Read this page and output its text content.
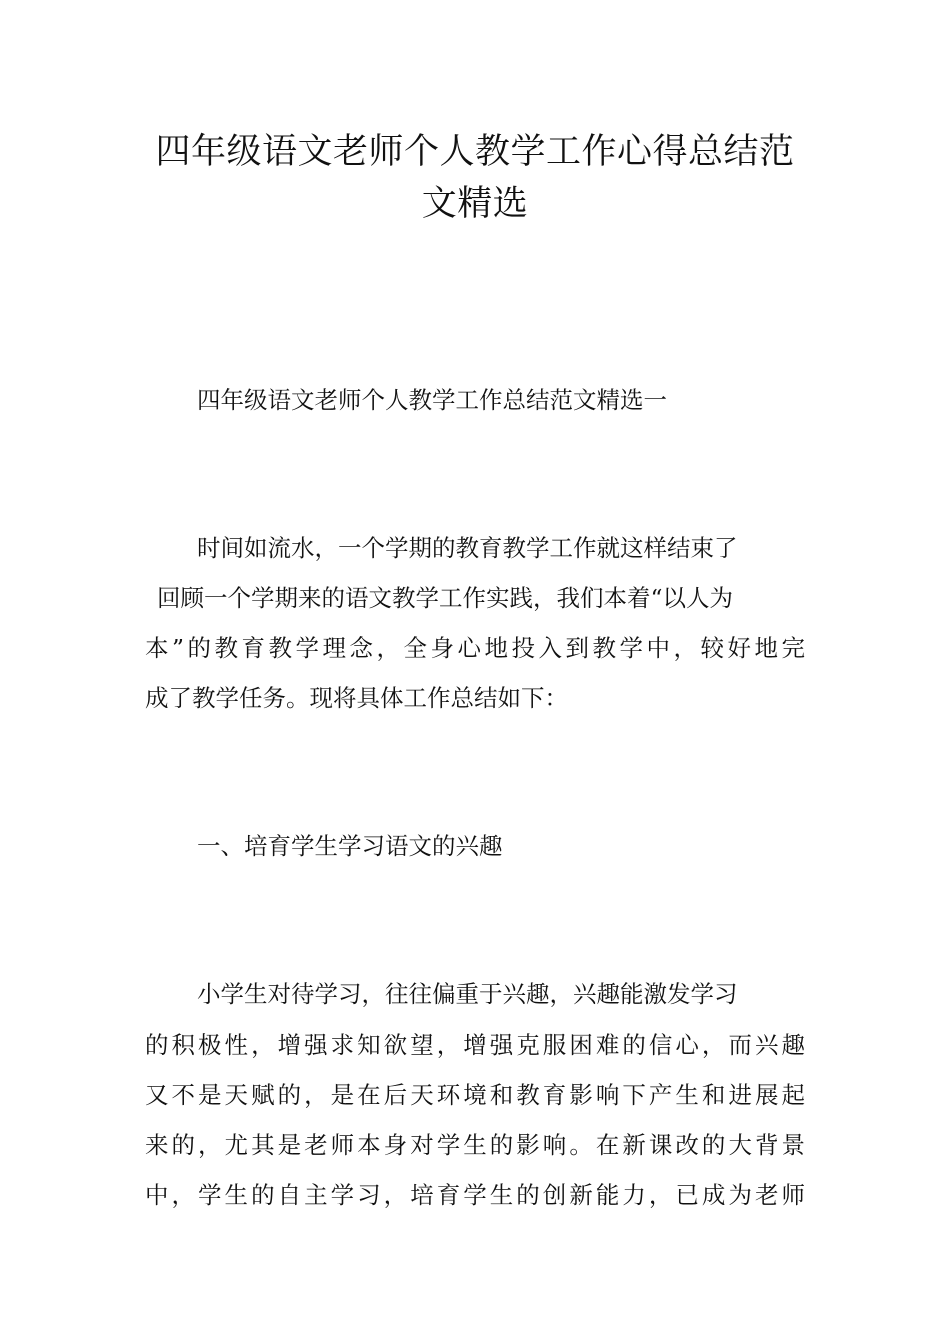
四年级语文老师个人教学工作心得总结范
文精选

四年级语文老师个人教学工作总结范文精选一

时间如流水，一个学期的教育教学工作就这样结束了

回顾一个学期来的语文教学工作实践，我们本着“以人为

本”的教育教学理念，全身心地投入到教学中，较好地完

成了教学任务。现将具体工作总结如下：

一、培育学生学习语文的兴趣

小学生对待学习，往往偏重于兴趣，兴趣能激发学习

的积极性，增强求知欲望，增强克服困难的信心，而兴趣

又不是天赋的，是在后天环境和教育影响下产生和进展起

来的，尤其是老师本身对学生的影响。在新课改的大背景

中，学生的自主学习，培育学生的创新能力，已成为老师
